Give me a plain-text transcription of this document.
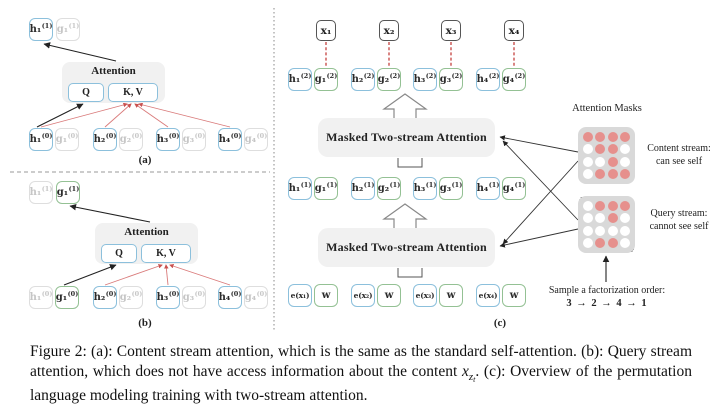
h₁ (1) g₁ (1)
Attention
Q	K, V
h₁ (0) g₁ (0) h₂ (0) g₂ (0) h₃ (0) g₃ (0) h₄ (0) g₄ (0)
(a)
h₁ (1) g₁ (1)
Attention
Q	K, V
h₁ (0) g₁ (0) h₂ (0) g₂ (0) h₃ (0) g₃ (0) h₄ (0) g₄ (0)
(b)
x₁	x₂	x₃	x₄
h₁ (2) g₁ (2) h₂ (2) g₂ (2) h₃ (2) g₃ (2) h₄ (2) g₄ (2)
Masked Two-stream Attention
h₁ (1) g₁ (1) h₂ (1) g₂ (1) h₃ (1) g₃ (1) h₄ (1) g₄ (1)
Masked Two-stream Attention
e(x₁) w	e(x₂) w	e(x₃) w	e(x₄) w
(c)
Attention Masks
Content stream:
can see self
Query stream:
cannot see self
Sample a factorization order:
3 → 2 → 4 → 1

Figure 2: (a): Content stream attention, which is the same as the standard self-attention. (b): Query stream attention, which does not have access information about the content $x_{z_t}$. (c): Overview of the permutation language modeling training with two-stream attention.
